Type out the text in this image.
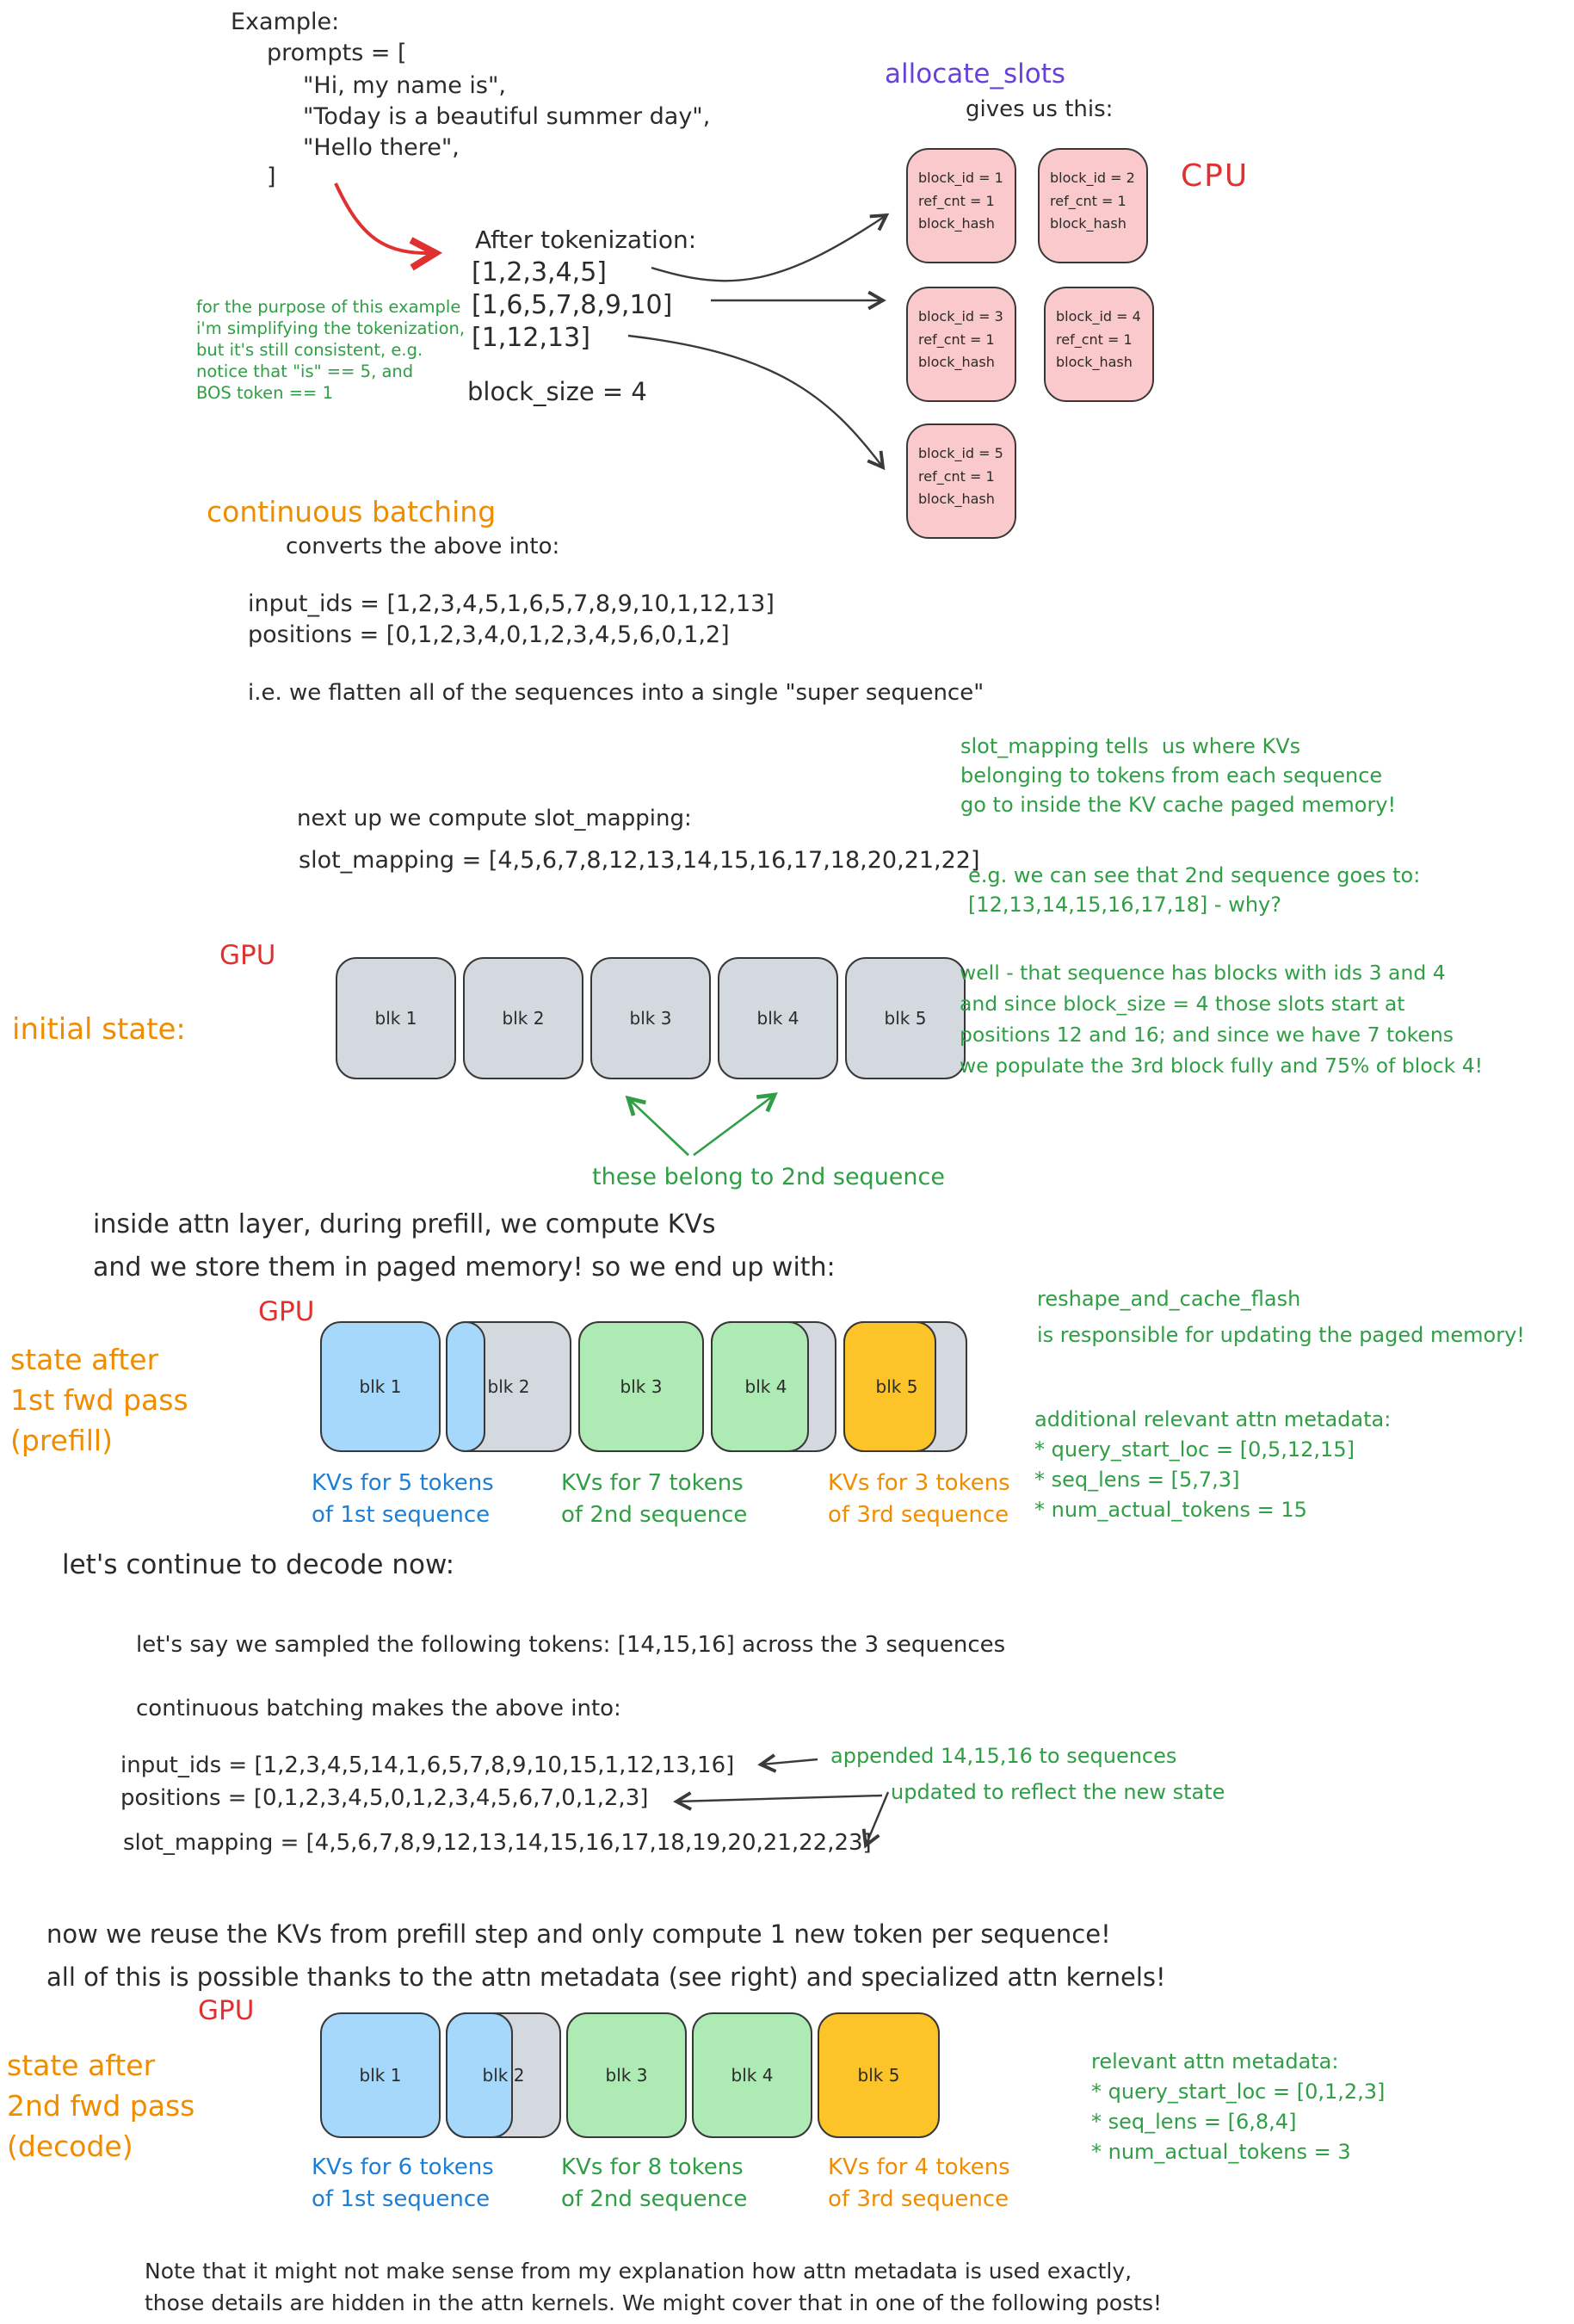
Example:
prompts = [
"Hi, my name is",
"Today is a beautiful summer day",
"Hello there",
]
for the purpose of this example
i'm simplifying the tokenization,
but it's still consistent, e.g.
notice that "is" == 5, and
BOS token == 1
After tokenization:
[1,2,3,4,5]
[1,6,5,7,8,9,10]
[1,12,13]
block_size = 4
allocate_slots
gives us this:
CPU
block_id = 1
ref_cnt = 1
block_hash
block_id = 2
ref_cnt = 1
block_hash
block_id = 3
ref_cnt = 1
block_hash
block_id = 4
ref_cnt = 1
block_hash
block_id = 5
ref_cnt = 1
block_hash
continuous batching
converts the above into:
input_ids = [1,2,3,4,5,1,6,5,7,8,9,10,1,12,13]
positions = [0,1,2,3,4,0,1,2,3,4,5,6,0,1,2]
i.e. we flatten all of the sequences into a single "super sequence"
next up we compute slot_mapping:
slot_mapping = [4,5,6,7,8,12,13,14,15,16,17,18,20,21,22]
slot_mapping tells  us where KVs
belonging to tokens from each sequence
go to inside the KV cache paged memory!
e.g. we can see that 2nd sequence goes to:
[12,13,14,15,16,17,18] - why?
GPU
initial state:	blk 1	blk 2	blk 3	blk 4	blk 5
these belong to 2nd sequence
well - that sequence has blocks with ids 3 and 4
and since block_size = 4 those slots start at
positions 12 and 16; and since we have 7 tokens
we populate the 3rd block fully and 75% of block 4!
inside attn layer, during prefill, we compute KVs
and we store them in paged memory! so we end up with:
GPU
state after
1st fwd pass
(prefill)
blk 1	blk 2	blk 3	blk 4	blk 5
KVs for 5 tokens
of 1st sequence
KVs for 7 tokens
of 2nd sequence
KVs for 3 tokens
of 3rd sequence
reshape_and_cache_flash
is responsible for updating the paged memory!
additional relevant attn metadata:
* query_start_loc = [0,5,12,15]
* seq_lens = [5,7,3]
* num_actual_tokens = 15
let's continue to decode now:
let's say we sampled the following tokens: [14,15,16] across the 3 sequences
continuous batching makes the above into:
input_ids = [1,2,3,4,5,14,1,6,5,7,8,9,10,15,1,12,13,16]
positions = [0,1,2,3,4,5,0,1,2,3,4,5,6,7,0,1,2,3]
slot_mapping = [4,5,6,7,8,9,12,13,14,15,16,17,18,19,20,21,22,23]
appended 14,15,16 to sequences
updated to reflect the new state
now we reuse the KVs from prefill step and only compute 1 new token per sequence!
all of this is possible thanks to the attn metadata (see right) and specialized attn kernels!
GPU
state after
2nd fwd pass
(decode)
blk 1	blk 2	blk 3	blk 4	blk 5
KVs for 6 tokens
of 1st sequence
KVs for 8 tokens
of 2nd sequence
KVs for 4 tokens
of 3rd sequence
relevant attn metadata:
* query_start_loc = [0,1,2,3]
* seq_lens = [6,8,4]
* num_actual_tokens = 3
Note that it might not make sense from my explanation how attn metadata is used exactly,
those details are hidden in the attn kernels. We might cover that in one of the following posts!
